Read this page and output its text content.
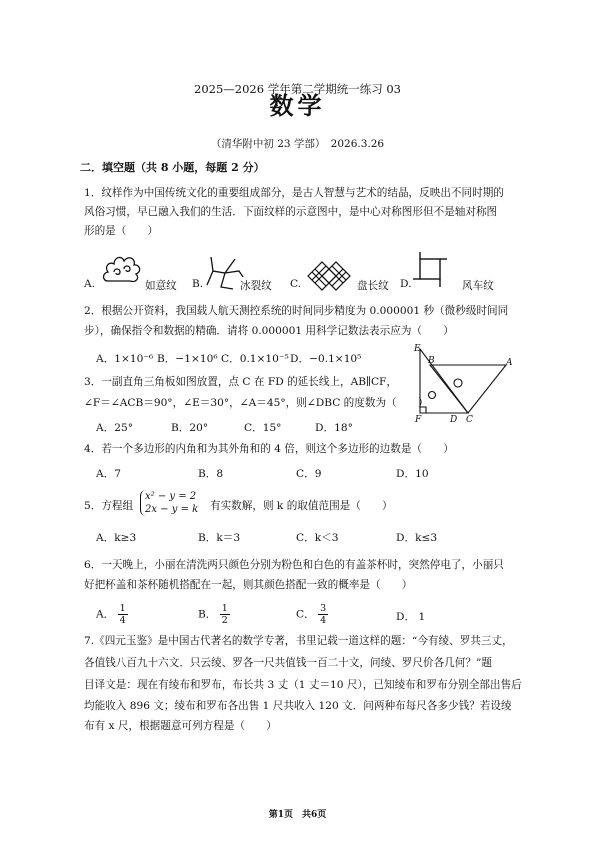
2025—2026 学年第二学期统一练习 03
数学
（清华附中初 23 学部）　2026.3.26
二．填空题（共 8 小题，每题 2 分）
1．纹样作为中国传统文化的重要组成部分，是古人智慧与艺术的结晶，反映出不同时期的
风俗习惯，早已融入我们的生活．下面纹样的示意图中，是中心对称图形但不是轴对称图
形的是（　　）
A.	如意纹 B.	冰裂纹 C.	盘长纹 D.	风车纹
2．根据公开资料，我国载人航天测控系统的时间同步精度为 0.000001 秒（微秒级时间同
步），确保指令和数据的精确．请将 0.000001 用科学记数法表示应为（　　）
A．1×10⁻⁶ B．−1×10⁶ C．0.1×10⁻⁵ D．−0.1×10⁵
3．一副直角三角板如图放置，点 C 在 FD 的延长线上，AB∥CF，
∠F＝∠ACB＝90°，∠E＝30°，∠A＝45°，则∠DBC 的度数为（　　）
A．25°	B．20°	C．15°	D．18°
E
B	A
F	D C
4．若一个多边形的内角和为其外角和的 4 倍，则这个多边形的边数是（　　）
A．7	B．8	C．9	D．10
5．方程组
x² − y = 2
2x − y = k 有实数解，则 k 的取值范围是（　　）
A．k≥3	B．k＝3	C．k＜3	D．k≤3
6．一天晚上，小丽在清洗两只颜色分别为粉色和白色的有盖茶杯时，突然停电了，小丽只
好把杯盖和茶杯随机搭配在一起，则其颜色搭配一致的概率是（　　）
A． $\frac{1}{4}$	B． $\frac{1}{2}$	C． $\frac{3}{4}$	D． 1
7.《四元玉鉴》是中国古代著名的数学专著，书里记载一道这样的题：“今有绫、罗共三丈，
各值钱八百九十六文．只云绫、罗各一尺共值钱一百二十文，问绫、罗尺价各几何？”题
目译文是：现在有绫布和罗布，布长共 3 丈（1 丈＝10 尺），已知绫布和罗布分别全部出售后
均能收入 896 文；绫布和罗布各出售 1 尺共收入 120 文．问两种布每尺各多少钱？若设绫
布有 x 尺，根据题意可列方程是（　　）
第1页　共6页
